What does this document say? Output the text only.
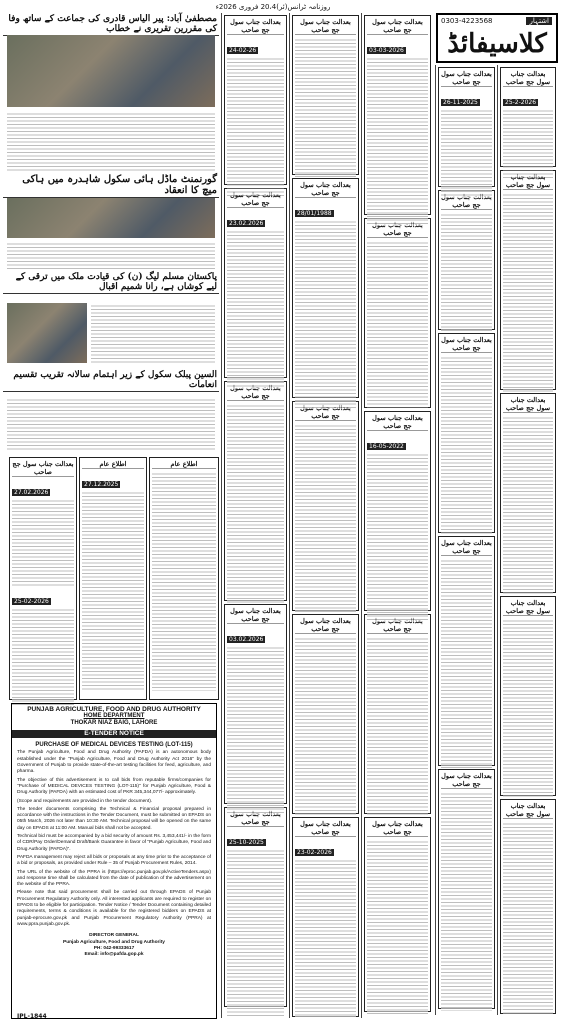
روزنامہ ٹرانس(ئر)20،4 فروری 2026ء
0303-4223568	اشتہار
کلاسیفائڈ
بعدالت جناب سول جج صاحب
26-11-2025
جج صاحب
بعدالت جناب سول جج صاحب
بعدالت جناب سول جج صاحب
بعدالت جناب سول جج صاحب
بعدالت جناب سول جج صاحب
25-2-2026
سول جج صاحب
بعدالت جناب سول جج صاحب
بعدالت جناب سول جج صاحب
بعدالت جناب سول جج صاحب
بعدالت جناب سول جج صاحب
03-03-2026
جج صاحب
بعدالت جناب سول جج صاحب
16-05-2022
جج صاحب
بعدالت جناب سول جج صاحب
بعدالت جناب سول جج صاحب
بعدالت جناب سول جج صاحب
28/01/1988
جج صاحب
بعدالت جناب سول جج صاحب
بعدالت جناب سول جج صاحب
23-02-2026
بعدالت جناب سول جج صاحب
24-02-26
جج صاحب
23.02.2026
جج صاحب
بعدالت جناب سول جج صاحب
03.02.2026
جج صاحب
25-10-2025
مصطفیٰ آباد: پیر الیاس قادری کی جماعت کے ساتھ وفا کی مقررین تقریری نے خطاب
گورنمنٹ ماڈل ہائی سکول شاہدرہ میں ہاکی میچ کا انعقاد
پاکستان مسلم لیگ (ن) کی قیادت ملک میں ترقی کے لیے کوشاں ہے، رانا شمیم اقبال
السین پبلک سکول کے زیر اہتمام سالانہ تقریب تقسیم انعامات
بعدالت جناب سول جج صاحب
27.02.2026
25-02-2026
اطلاع عام
27.12.2025
اطلاع عام
PUNJAB AGRICULTURE, FOOD AND DRUG AUTHORITY
HOME DEPARTMENT
THOKAR NIAZ BAIG, LAHORE
E-TENDER NOTICE
PURCHASE OF MEDICAL DEVICES TESTING (LOT-115)

The Punjab Agriculture, Food and Drug Authority (PAFDA) is an autonomous body established under the "Punjab Agriculture, Food and Drug Authority Act 2016" by the Government of Punjab to provide state-of-the-art testing facilities for feed, agriculture, and pharma.

The objective of this advertisement is to call bids from reputable firms/companies for "Purchase of MEDICAL DEVICES TESTING (LOT-115)" for Punjab Agriculture, Food & Drug Authority (PAFDA) with an estimated cost of PKR 345,344,077/- approximately.

(Scope and requirements are provided in the tender document).

The tender documents comprising the Technical & Financial proposal prepared in accordance with the instructions in the Tender Document, must be submitted on EPADS on 05th March, 2026 not later than 10:30 AM. Technical proposal will be opened on the same day on EPADS at 11:00 AM. Manual bids shall not be accepted.

Technical bid must be accompanied by a bid security of amount Rs. 3,453,441/- in the form of CDR/Pay Order/Demand Draft/Bank Guarantee in favor of "Punjab Agriculture, Food and Drug Authority (PAFDA)".

PAFDA management may reject all bids or proposals at any time prior to the acceptance of a bid or proposals, as provided under Rule – 35 of Punjab Procurement Rules, 2014.

The URL of the website of the PPRA is (https://eproc.punjab.gov.pk/ActiveTenders.aspx) and response time shall be calculated from the date of publication of the advertisement on the website of the PPRA.

Please note that said procurement shall be carried out through EPADS of Punjab Procurement Regulatory Authority only. All interested applicants are required to register on EPADS to be eligible for participation. Tender Notice / Tender Document containing detailed requirements, terms & conditions is available for the registered bidders on EPADS at punjab-eprocure.gov.pk and Punjab Procurement Regulatory Authority (PPRA) at www.ppra.punjab.gov.pk.

DIRECTOR GENERAL
Punjab Agriculture, Food and Drug Authority
PH: 042-99333617
Email: info@pafda.gop.pk
IPL-1844
